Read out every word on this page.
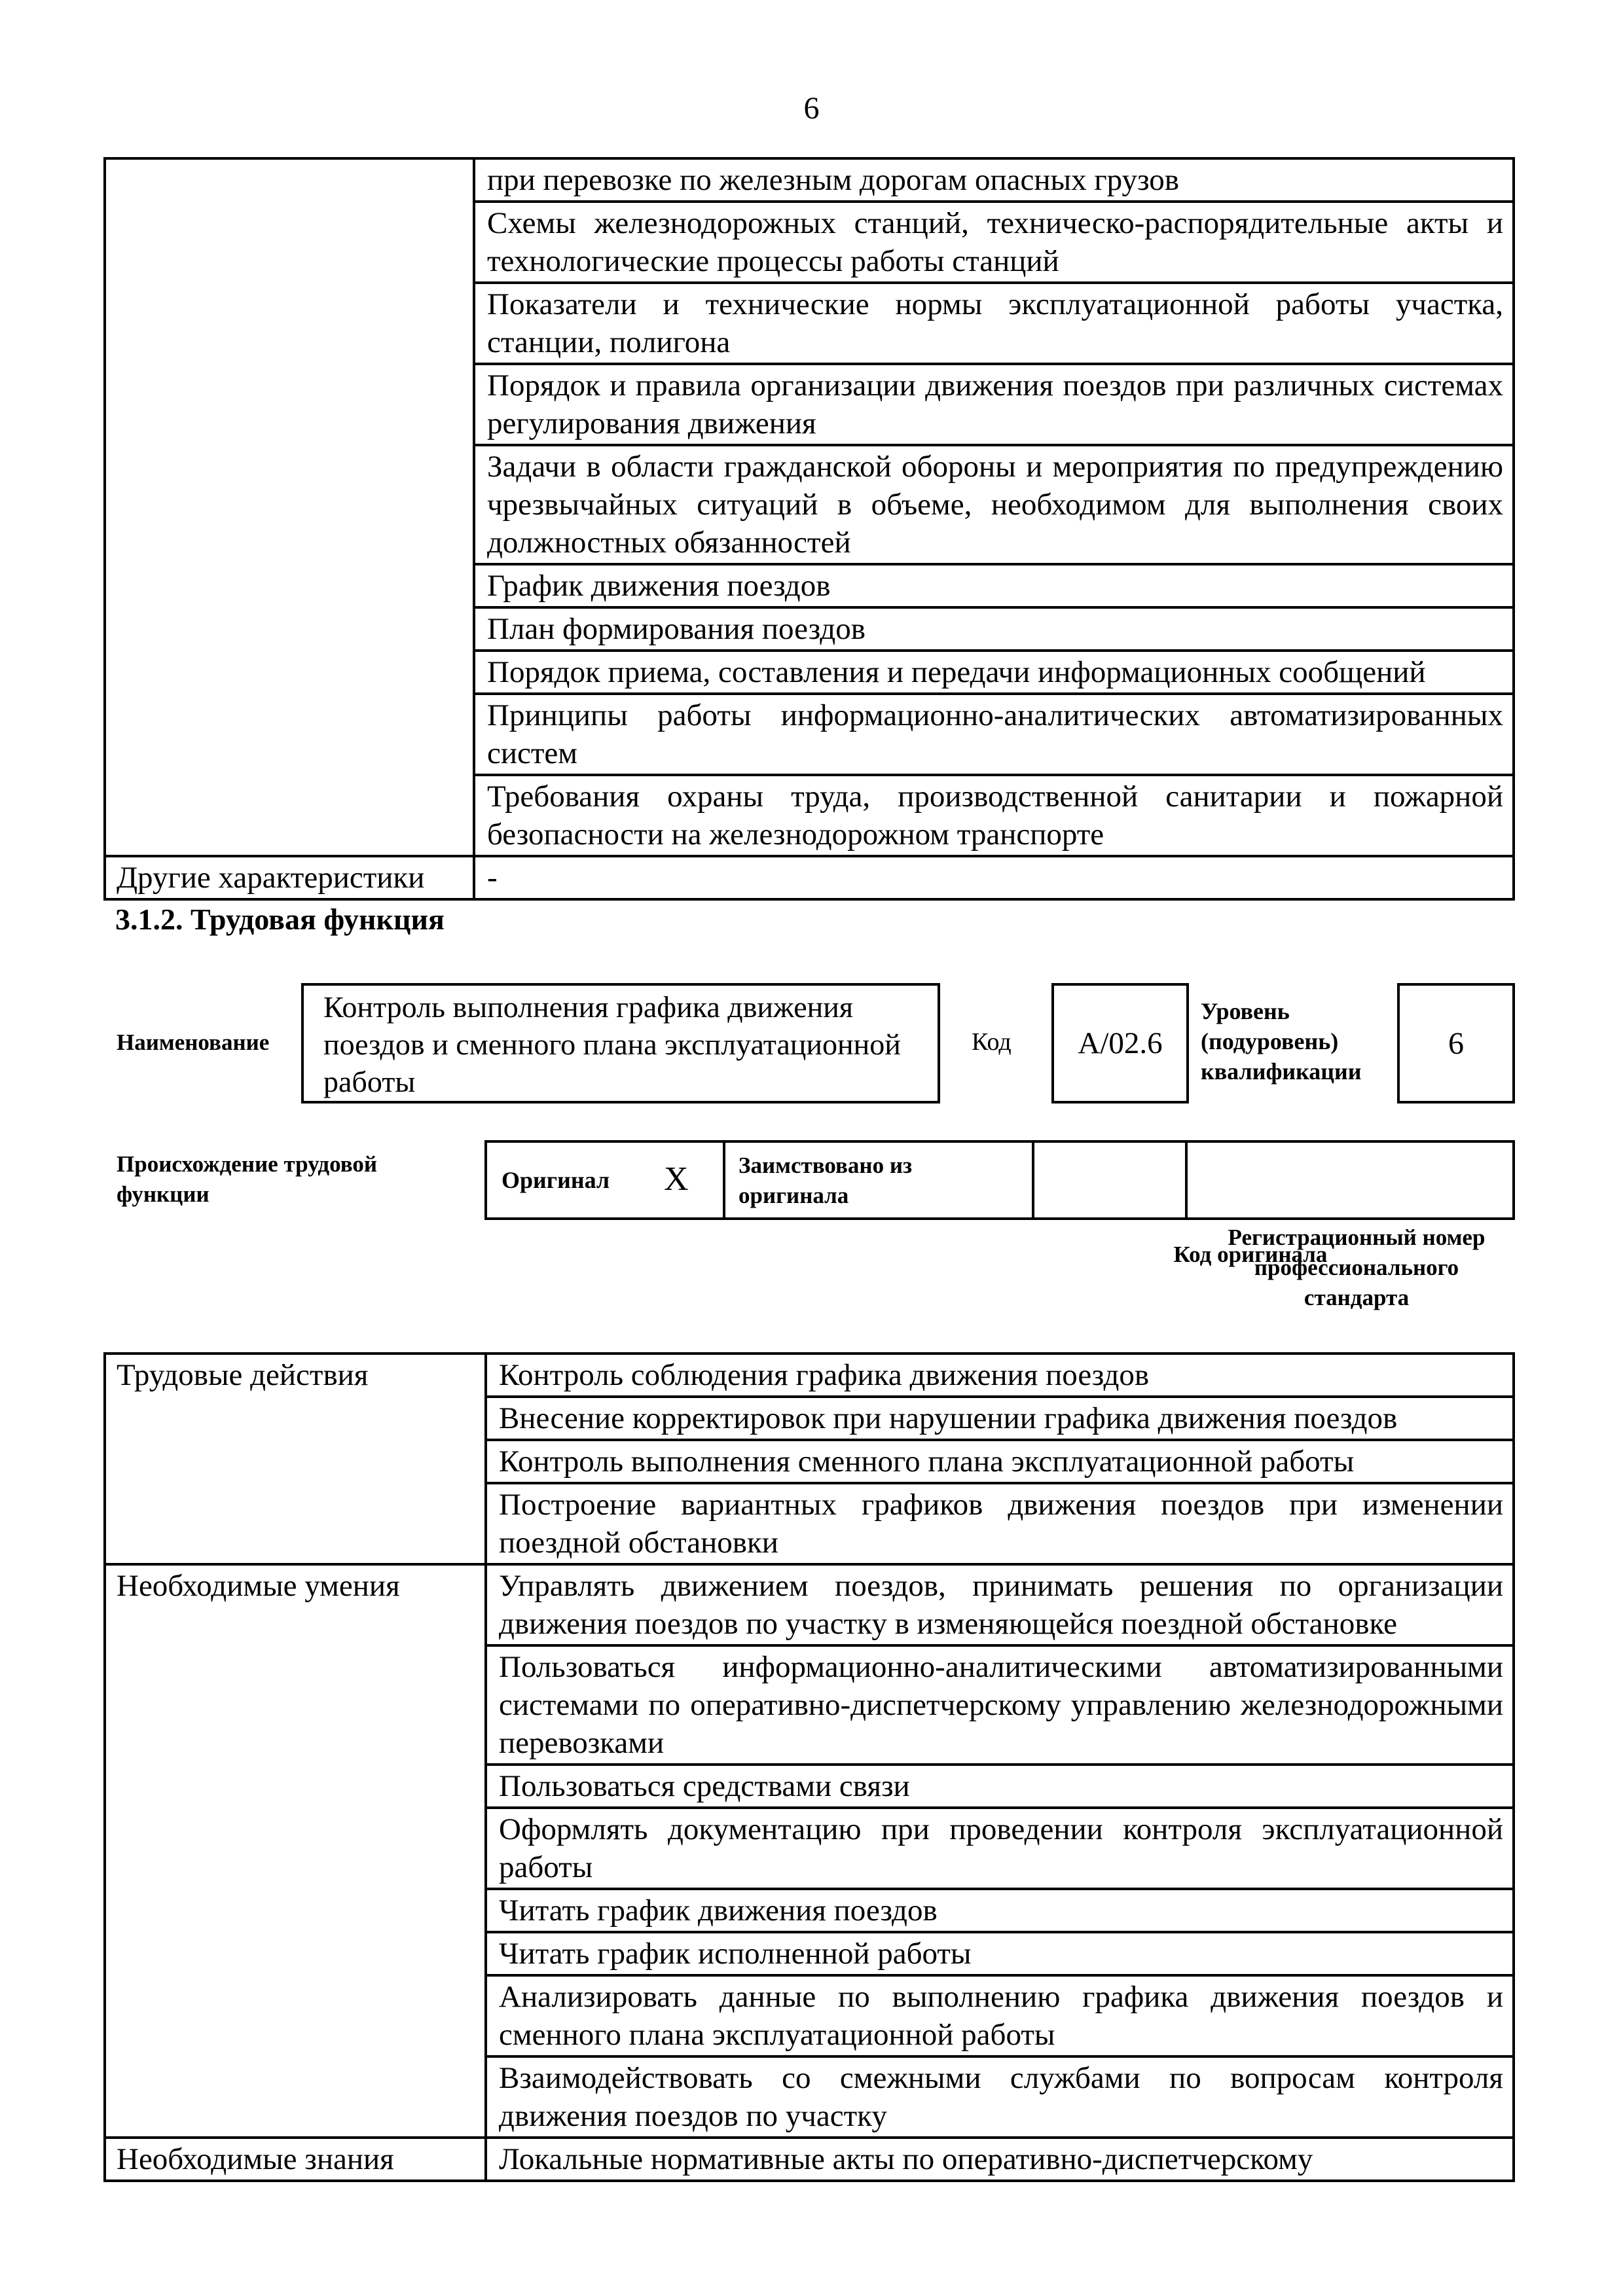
6
	при перевозке по железным дорогам опасных грузов
	Схемы железнодорожных станций, техническо-распорядительные акты и технологические процессы работы станций
	Показатели и технические нормы эксплуатационной работы участка, станции, полигона
	Порядок и правила организации движения поездов при различных системах регулирования движения
	Задачи в области гражданской обороны и мероприятия по предупреждению чрезвычайных ситуаций в объеме, необходимом для выполнения своих должностных обязанностей
	График движения поездов
	План формирования поездов
	Порядок приема, составления и передачи информационных сообщений
	Принципы работы информационно-аналитических автоматизированных систем
	Требования охраны труда, производственной санитарии и пожарной безопасности на железнодорожном транспорте
Другие характеристики	-
3.1.2. Трудовая функция
Наименование
Контроль выполнения графика движения поездов и сменного плана эксплуатационной работы
Код А/02.6
Уровень (подуровень) квалификации
6
Происхождение трудовой функции
Оригинал X Заимствовано из оригинала
Код оригинала
Регистрационный номер профессионального стандарта
Трудовые действия	Контроль соблюдения графика движения поездов
	Внесение корректировок при нарушении графика движения поездов
	Контроль выполнения сменного плана эксплуатационной работы
	Построение вариантных графиков движения поездов при изменении поездной обстановки
Необходимые умения	Управлять движением поездов, принимать решения по организации движения поездов по участку в изменяющейся поездной обстановке
	Пользоваться информационно-аналитическими автоматизированными системами по оперативно-диспетчерскому управлению железнодорожными перевозками
	Пользоваться средствами связи
	Оформлять документацию при проведении контроля эксплуатационной работы
	Читать график движения поездов
	Читать график исполненной работы
	Анализировать данные по выполнению графика движения поездов и сменного плана эксплуатационной работы
	Взаимодействовать со смежными службами по вопросам контроля движения поездов по участку
Необходимые знания	Локальные нормативные акты по оперативно-диспетчерскому
